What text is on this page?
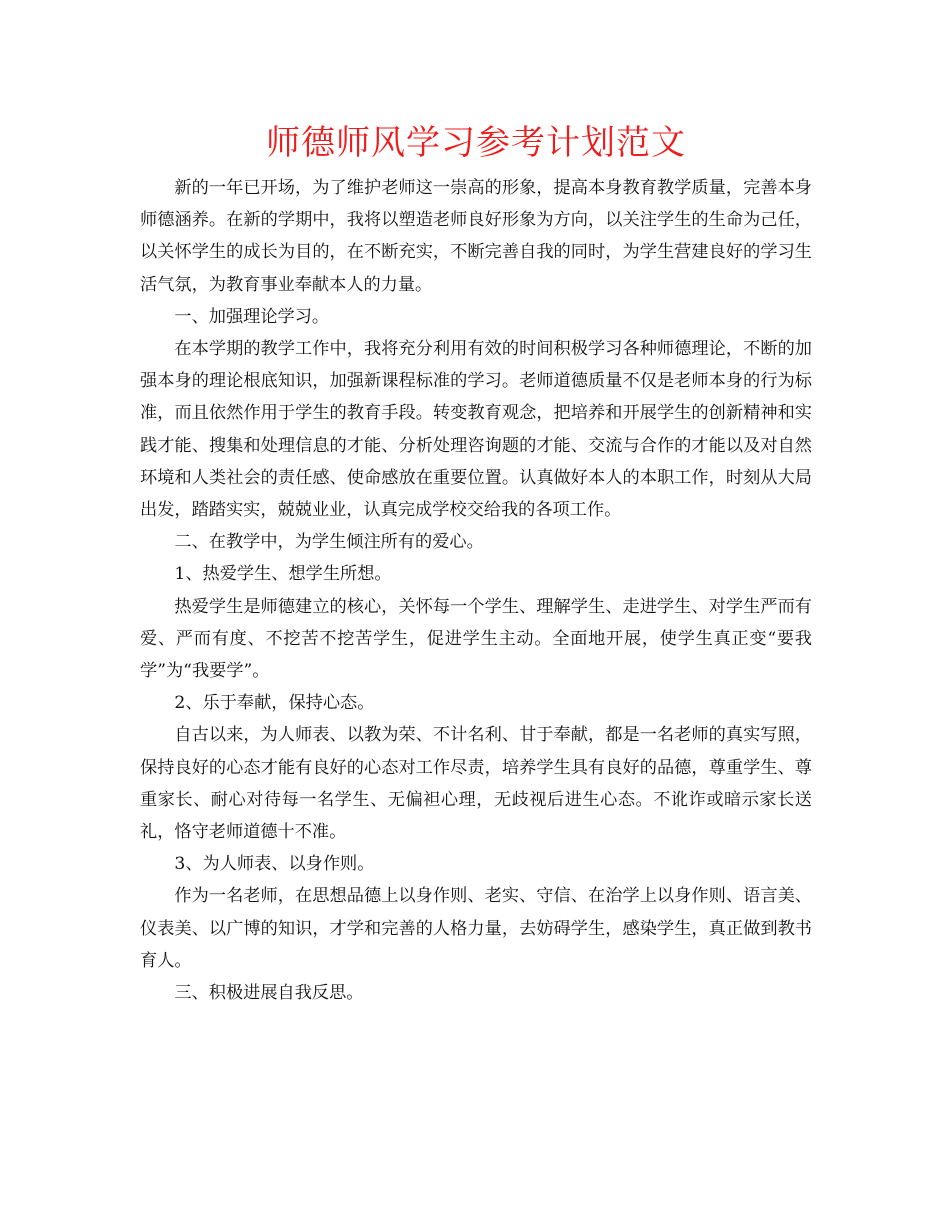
师德师风学习参考计划范文

新的一年已开场，为了维护老师这一崇高的形象，提高本身教育教学质量，完善本身师德涵养。在新的学期中，我将以塑造老师良好形象为方向，以关注学生的生命为己任，以关怀学生的成长为目的，在不断充实，不断完善自我的同时，为学生营建良好的学习生活气氛，为教育事业奉献本人的力量。

一、加强理论学习。

在本学期的教学工作中，我将充分利用有效的时间积极学习各种师德理论，不断的加强本身的理论根底知识，加强新课程标准的学习。老师道德质量不仅是老师本身的行为标准，而且依然作用于学生的教育手段。转变教育观念，把培养和开展学生的创新精神和实践才能、搜集和处理信息的才能、分析处理咨询题的才能、交流与合作的才能以及对自然环境和人类社会的责任感、使命感放在重要位置。认真做好本人的本职工作，时刻从大局出发，踏踏实实，兢兢业业，认真完成学校交给我的各项工作。

二、在教学中，为学生倾注所有的爱心。

1、热爱学生、想学生所想。

热爱学生是师德建立的核心，关怀每一个学生、理解学生、走进学生、对学生严而有爱、严而有度、不挖苦不挖苦学生，促进学生主动。全面地开展，使学生真正变“要我学”为“我要学”。

2、乐于奉献，保持心态。

自古以来，为人师表、以教为荣、不计名利、甘于奉献，都是一名老师的真实写照，保持良好的心态才能有良好的心态对工作尽责，培养学生具有良好的品德，尊重学生、尊重家长、耐心对待每一名学生、无偏袒心理，无歧视后进生心态。不讹诈或暗示家长送礼，恪守老师道德十不准。

3、为人师表、以身作则。

作为一名老师，在思想品德上以身作则、老实、守信、在治学上以身作则、语言美、仪表美、以广博的知识，才学和完善的人格力量，去妨碍学生，感染学生，真正做到教书育人。

三、积极进展自我反思。
